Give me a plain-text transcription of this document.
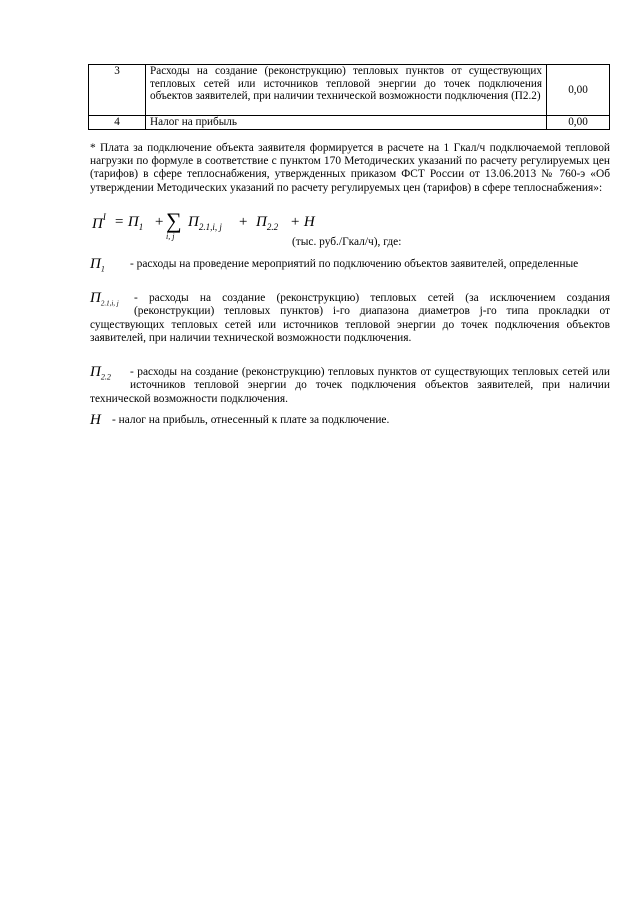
3	Расходы на создание (реконструкцию) тепловых пунктов от существующих тепловых сетей или источников тепловой энергии до точек подключения объектов заявителей, при наличии технической возможности подключения (П2.2)	0,00
4	Налог на прибыль	0,00
* Плата за подключение объекта заявителя формируется в расчете на 1 Гкал/ч подключаемой тепловой нагрузки по формуле в соответствие с пунктом 170 Методических указаний по расчету регулируемых цен (тарифов) в сфере теплоснабжения, утвержденных приказом ФСТ России от 13.06.2013 № 760-э «Об утверждении Методических указаний по расчету регулируемых цен (тарифов) в сфере теплоснабжения»:
$П^I = П_1$ + ∑
i, j
$П_{2.1,i, j} + П_{2.2} + Н$
(тыс. руб./Гкал/ч), где:
$П_1$	- расходы на проведение мероприятий по подключению объектов заявителей, определенные
$П_{2.1,i, j}$	- расходы на создание (реконструкцию) тепловых сетей (за исключением создания (реконструкции) тепловых пунктов) i-го диапазона диаметров j-го типа прокладки от существующих тепловых сетей или источников тепловой энергии до точек подключения объектов заявителей, при наличии технической возможности подключения.
$П_{2.2}$	- расходы на создание (реконструкцию) тепловых пунктов от существующих тепловых сетей или источников тепловой энергии до точек подключения объектов заявителей, при наличии технической возможности подключения.
Н - налог на прибыль, отнесенный к плате за подключение.
